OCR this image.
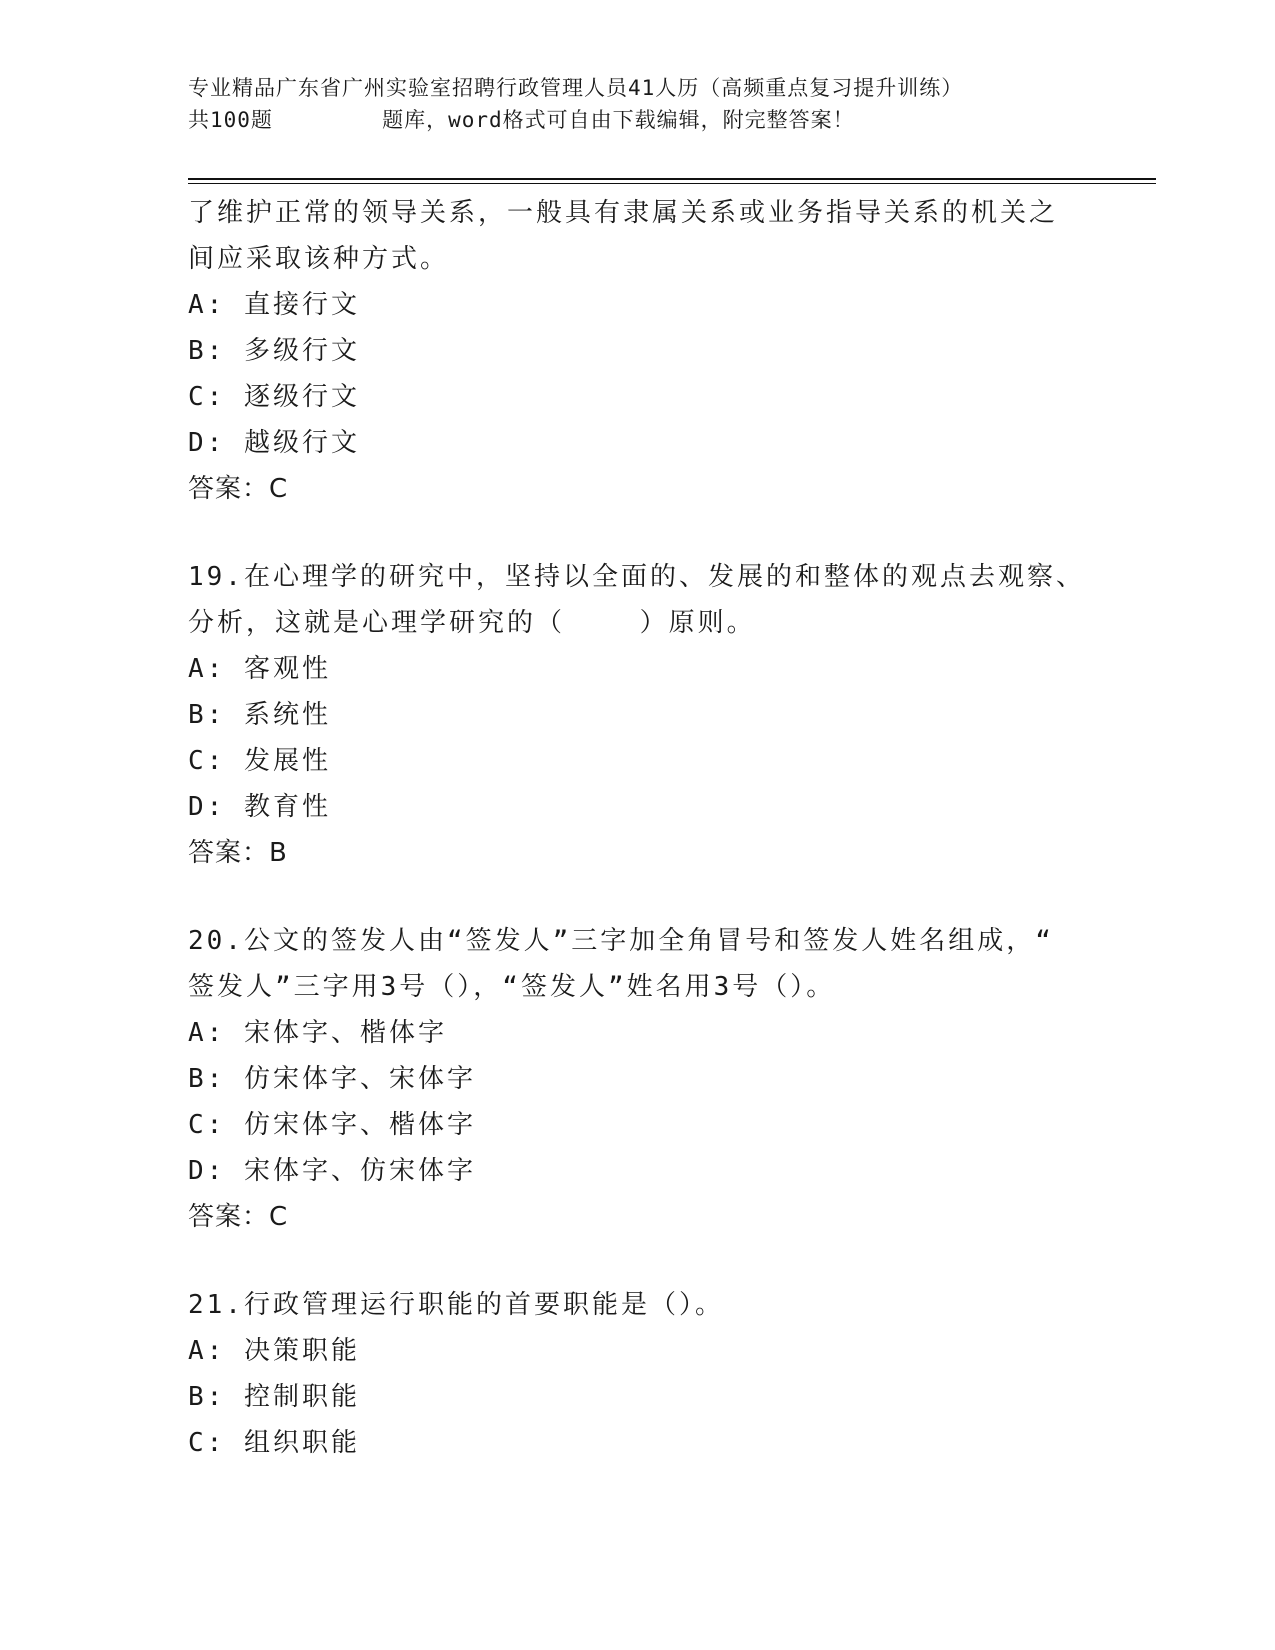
专业精品广东省广州实验室招聘行政管理人员41人历（高频重点复习提升训练）
共100题        题库，word格式可自由下载编辑，附完整答案！
了维护正常的领导关系，一般具有隶属关系或业务指导关系的机关之
间应采取该种方式。
A: 直接行文
B: 多级行文
C: 逐级行文
D: 越级行文
答案：C
19.在心理学的研究中，坚持以全面的、发展的和整体的观点去观察、
分析，这就是心理学研究的（    ）原则。
A: 客观性
B: 系统性
C: 发展性
D: 教育性
答案：B
20.公文的签发人由“签发人”三字加全角冒号和签发人姓名组成，“
签发人”三字用3号（），“签发人”姓名用3号（）。
A: 宋体字、楷体字
B: 仿宋体字、宋体字
C: 仿宋体字、楷体字
D: 宋体字、仿宋体字
答案：C
21.行政管理运行职能的首要职能是（）。
A: 决策职能
B: 控制职能
C: 组织职能
